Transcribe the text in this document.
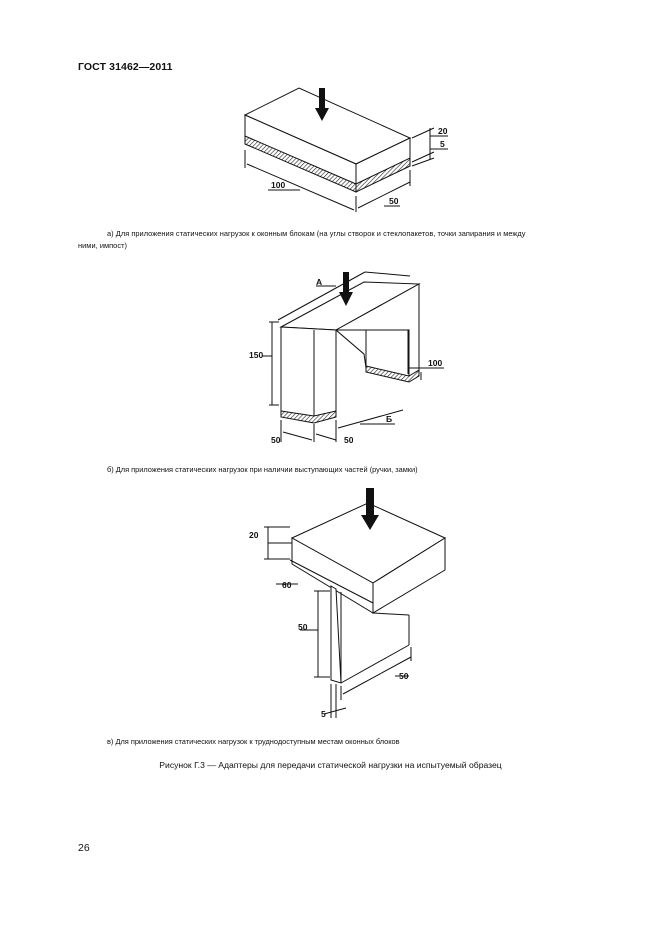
ГОСТ 31462—2011
20
5
100
50
а) Для приложения статических нагрузок к оконным блокам (на углы створок и стеклопакетов, точки запирания и между
ними, импост)
А
Б
150
100
50	50
б) Для приложения статических нагрузок при наличии выступающих частей (ручки, замки)
20
60
50
50
5
в) Для приложения статических нагрузок к труднодоступным местам оконных блоков
Рисунок Г.3 — Адаптеры для передачи статической нагрузки на испытуемый образец
26
